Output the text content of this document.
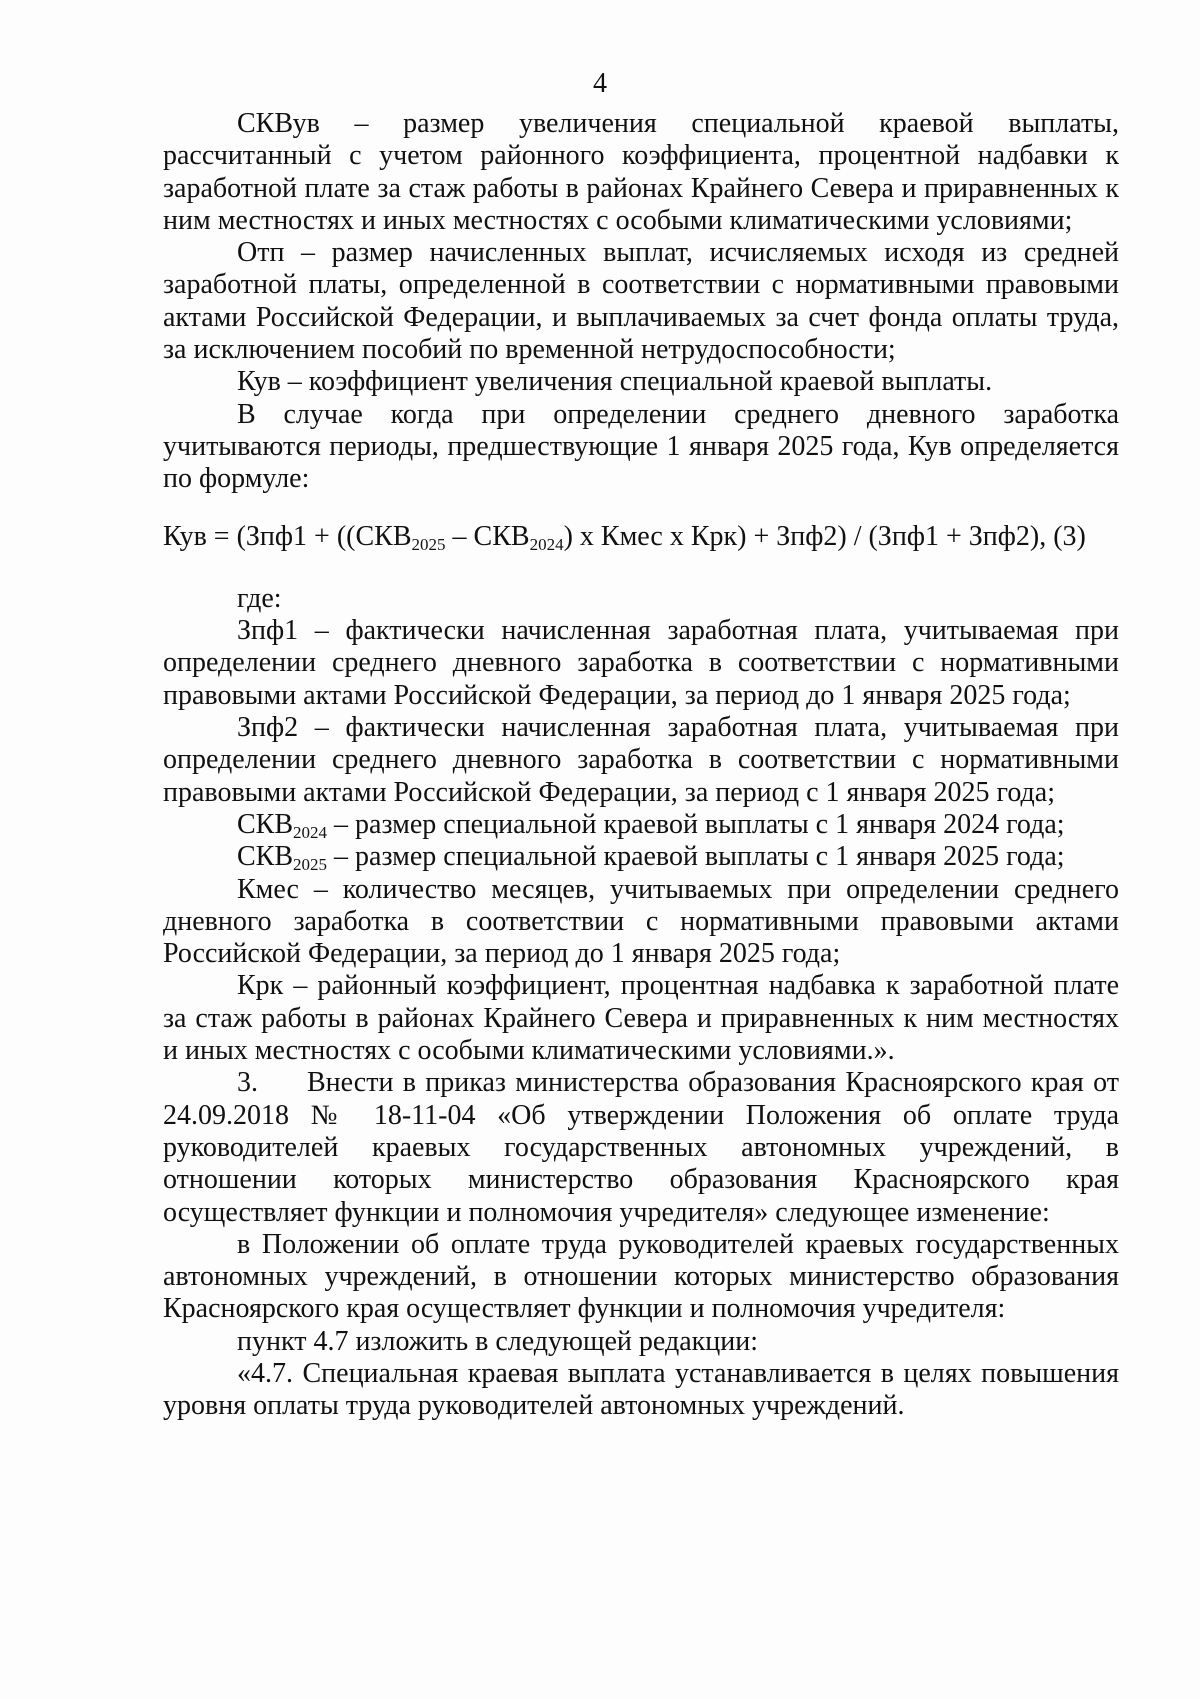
4

СКВув – размер увеличения специальной краевой выплаты, рассчитанный с учетом районного коэффициента, процентной надбавки к заработной плате за стаж работы в районах Крайнего Севера и приравненных к ним местностях и иных местностях с особыми климатическими условиями;

Отп – размер начисленных выплат, исчисляемых исходя из средней заработной платы, определенной в соответствии с нормативными правовыми актами Российской Федерации, и выплачиваемых за счет фонда оплаты труда, за исключением пособий по временной нетрудоспособности;

Кув – коэффициент увеличения специальной краевой выплаты.

В случае когда при определении среднего дневного заработка учитываются периоды, предшествующие 1 января 2025 года, Кув определяется по формуле:

Кув = ($Зпф1 + ((СКВ_{2025} - СКВ_{2024})$ x Кмес x Крк) + Зпф2) / (Зпф1 + Зпф2), (3)

где:

Зпф1 – фактически начисленная заработная плата, учитываемая при определении среднего дневного заработка в соответствии с нормативными правовыми актами Российской Федерации, за период до 1 января 2025 года;

Зпф2 – фактически начисленная заработная плата, учитываемая при определении среднего дневного заработка в соответствии с нормативными правовыми актами Российской Федерации, за период с 1 января 2025 года;

$СКВ_{2024}$ – размер специальной краевой выплаты с 1 января 2024 года;

$СКВ_{2025}$ – размер специальной краевой выплаты с 1 января 2025 года;

Кмес – количество месяцев, учитываемых при определении среднего дневного заработка в соответствии с нормативными правовыми актами Российской Федерации, за период до 1 января 2025 года;

Крк – районный коэффициент, процентная надбавка к заработной плате за стаж работы в районах Крайнего Севера и приравненных к ним местностях и иных местностях с особыми климатическими условиями.».

3. Внести в приказ министерства образования Красноярского края от 24.09.2018 № 18-11-04 «Об утверждении Положения об оплате труда руководителей краевых государственных автономных учреждений, в отношении которых министерство образования Красноярского края осуществляет функции и полномочия учредителя» следующее изменение:

в Положении об оплате труда руководителей краевых государственных автономных учреждений, в отношении которых министерство образования Красноярского края осуществляет функции и полномочия учредителя:

пункт 4.7 изложить в следующей редакции:

«4.7. Специальная краевая выплата устанавливается в целях повышения уровня оплаты труда руководителей автономных учреждений.
